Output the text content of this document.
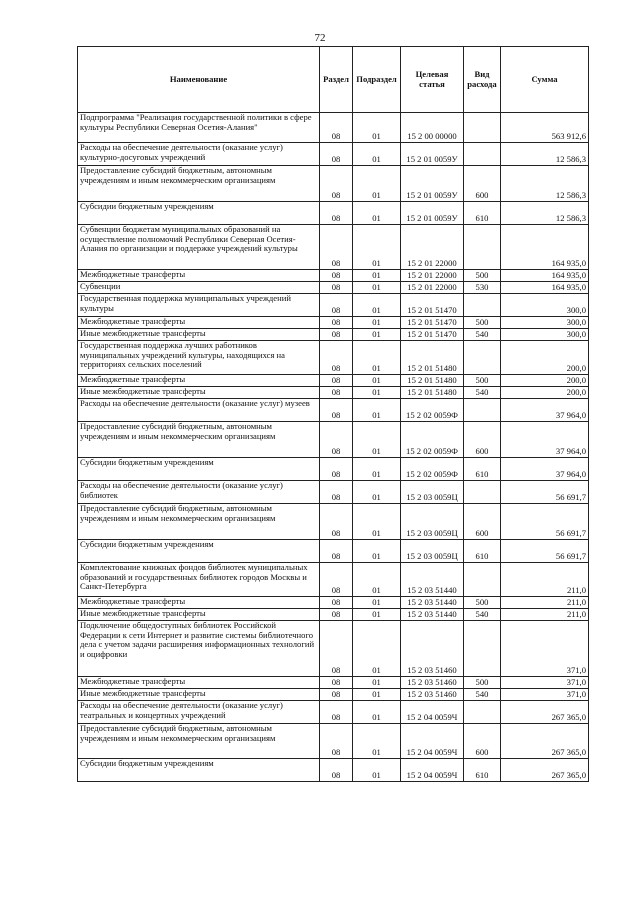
72
Наименование	Раздел	Подраздел	Целевая статья	Вид расхода	Сумма
Подпрограмма "Реализация государственной политики в сфере культуры Республики Северная Осетия-Алания"	08	01	15 2 00 00000		563 912,6
Расходы на обеспечение деятельности (оказание услуг) культурно-досуговых учреждений	08	01	15 2 01 0059У		12 586,3
Предоставление субсидий бюджетным, автономным учреждениям и иным некоммерческим организациям	08	01	15 2 01 0059У	600	12 586,3
Субсидии бюджетным учреждениям	08	01	15 2 01 0059У	610	12 586,3
Субвенции бюджетам муниципальных образований на осуществление полномочий Республики Северная Осетия-Алания по организации и поддержке учреждений культуры	08	01	15 2 01 22000		164 935,0
Межбюджетные трансферты	08	01	15 2 01 22000	500	164 935,0
Субвенции	08	01	15 2 01 22000	530	164 935,0
Государственная поддержка муниципальных учреждений культуры	08	01	15 2 01 51470		300,0
Межбюджетные трансферты	08	01	15 2 01 51470	500	300,0
Иные межбюджетные трансферты	08	01	15 2 01 51470	540	300,0
Государственная поддержка лучших работников муниципальных учреждений культуры, находящихся на территориях сельских поселений	08	01	15 2 01 51480		200,0
Межбюджетные трансферты	08	01	15 2 01 51480	500	200,0
Иные межбюджетные трансферты	08	01	15 2 01 51480	540	200,0
Расходы на обеспечение деятельности (оказание услуг) музеев	08	01	15 2 02 0059Ф		37 964,0
Предоставление субсидий бюджетным, автономным учреждениям и иным некоммерческим организациям	08	01	15 2 02 0059Ф	600	37 964,0
Субсидии бюджетным учреждениям	08	01	15 2 02 0059Ф	610	37 964,0
Расходы на обеспечение деятельности (оказание услуг) библиотек	08	01	15 2 03 0059Ц		56 691,7
Предоставление субсидий бюджетным, автономным учреждениям и иным некоммерческим организациям	08	01	15 2 03 0059Ц	600	56 691,7
Субсидии бюджетным учреждениям	08	01	15 2 03 0059Ц	610	56 691,7
Комплектование книжных фондов библиотек муниципальных образований и государственных библиотек городов Москвы и Санкт-Петербурга	08	01	15 2 03 51440		211,0
Межбюджетные трансферты	08	01	15 2 03 51440	500	211,0
Иные межбюджетные трансферты	08	01	15 2 03 51440	540	211,0
Подключение общедоступных библиотек Российской Федерации к сети Интернет и развитие системы библиотечного дела с учетом задачи расширения информационных технологий и оцифровки	08	01	15 2 03 51460		371,0
Межбюджетные трансферты	08	01	15 2 03 51460	500	371,0
Иные межбюджетные трансферты	08	01	15 2 03 51460	540	371,0
Расходы на обеспечение деятельности (оказание услуг) театральных и концертных учреждений	08	01	15 2 04 0059Ч		267 365,0
Предоставление субсидий бюджетным, автономным учреждениям и иным некоммерческим организациям	08	01	15 2 04 0059Ч	600	267 365,0
Субсидии бюджетным учреждениям	08	01	15 2 04 0059Ч	610	267 365,0
